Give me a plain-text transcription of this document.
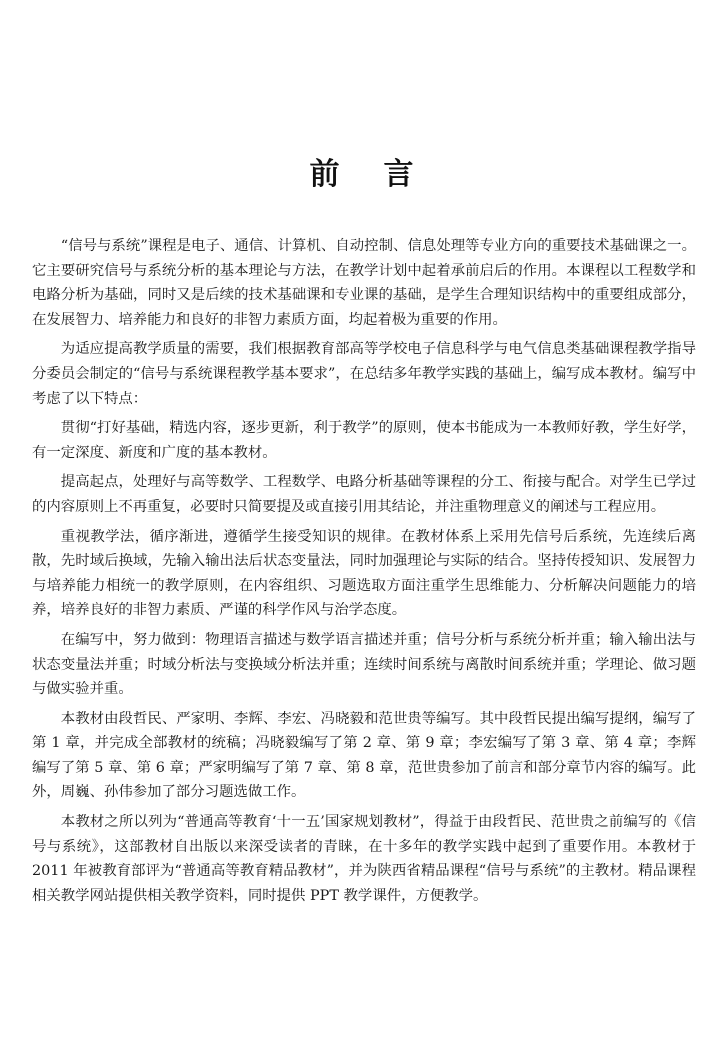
前言

“信号与系统”课程是电子、通信、计算机、自动控制、信息处理等专业方向的重要技术基础课之一。它主要研究信号与系统分析的基本理论与方法，在教学计划中起着承前启后的作用。本课程以工程数学和电路分析为基础，同时又是后续的技术基础课和专业课的基础，是学生合理知识结构中的重要组成部分，在发展智力、培养能力和良好的非智力素质方面，均起着极为重要的作用。

为适应提高教学质量的需要，我们根据教育部高等学校电子信息科学与电气信息类基础课程教学指导分委员会制定的“信号与系统课程教学基本要求”，在总结多年教学实践的基础上，编写成本教材。编写中考虑了以下特点：

贯彻“打好基础，精选内容，逐步更新，利于教学”的原则，使本书能成为一本教师好教，学生好学，有一定深度、新度和广度的基本教材。

提高起点，处理好与高等数学、工程数学、电路分析基础等课程的分工、衔接与配合。对学生已学过的内容原则上不再重复，必要时只简要提及或直接引用其结论，并注重物理意义的阐述与工程应用。

重视教学法，循序渐进，遵循学生接受知识的规律。在教材体系上采用先信号后系统，先连续后离散，先时域后换域，先输入输出法后状态变量法，同时加强理论与实际的结合。坚持传授知识、发展智力与培养能力相统一的教学原则，在内容组织、习题选取方面注重学生思维能力、分析解决问题能力的培养，培养良好的非智力素质、严谨的科学作风与治学态度。

在编写中，努力做到：物理语言描述与数学语言描述并重；信号分析与系统分析并重；输入输出法与状态变量法并重；时域分析法与变换域分析法并重；连续时间系统与离散时间系统并重；学理论、做习题与做实验并重。

本教材由段哲民、严家明、李辉、李宏、冯晓毅和范世贵等编写。其中段哲民提出编写提纲，编写了第 1 章，并完成全部教材的统稿；冯晓毅编写了第 2 章、第 9 章；李宏编写了第 3 章、第 4 章；李辉编写了第 5 章、第 6 章；严家明编写了第 7 章、第 8 章，范世贵参加了前言和部分章节内容的编写。此外，周巍、孙伟参加了部分习题选做工作。

本教材之所以列为“普通高等教育‘十一五’国家规划教材”，得益于由段哲民、范世贵之前编写的《信号与系统》，这部教材自出版以来深受读者的青睐，在十多年的教学实践中起到了重要作用。本教材于 2011 年被教育部评为“普通高等教育精品教材”，并为陕西省精品课程“信号与系统”的主教材。精品课程相关教学网站提供相关教学资料，同时提供 PPT 教学课件，方便教学。
